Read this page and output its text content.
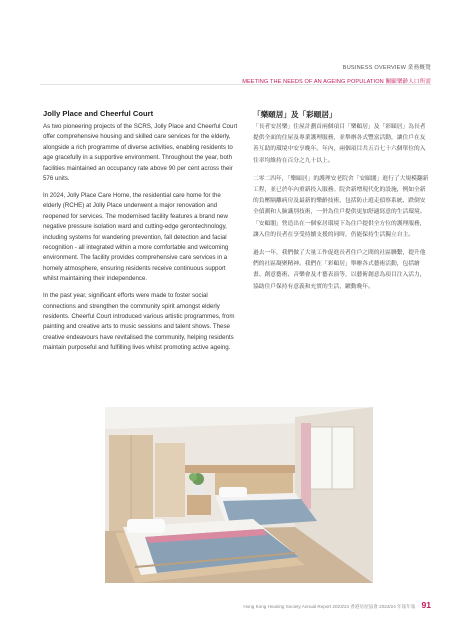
BUSINESS OVERVIEW 業務概覽
MEETING THE NEEDS OF AN AGEING POPULATION 關顧樂齡人口所需
Jolly Place and Cheerful Court

As two pioneering projects of the SCRS, Jolly Place and Cheerful Court offer comprehensive housing and skilled care services for the elderly, alongside a rich programme of diverse activities, enabling residents to age gracefully in a supportive environment. Throughout the year, both facilities maintained an occupancy rate above 90 per cent across their 576 units.

In 2024, Jolly Place Care Home, the residential care home for the elderly (RCHE) at Jolly Place underwent a major renovation and reopened for services. The modernised facility features a brand new negative pressure isolation ward and cutting-edge gerontechnology, including systems for wandering prevention, fall detection and facial recognition - all integrated within a more comfortable and welcoming environment. The facility provides comprehensive care services in a homely atmosphere, ensuring residents receive continuous support whilst maintaining their independence.

In the past year, significant efforts were made to foster social connections and strengthen the community spirit amongst elderly residents. Cheerful Court introduced various artistic programmes, from painting and creative arts to music sessions and talent shows. These creative endeavours have revitalised the community, helping residents maintain purposeful and fulfilling lives whilst promoting active ageing.

「樂頤居」及「彩頤居」

「長者安居樂」住屋計劃首兩個項目「樂頤居」及「彩頤居」為長者提供全面的住屋及專業護理服務，並舉辦各式豐富活動，讓住戶在友善互助的環境中安享晚年。年內，兩個項目共五百七十六個單位的入住率均維持在百分之九十以上。

二零二四年，「樂頤居」的護理安老院舍「安頤閣」進行了大規模翻新工程，並已於年內重新投入服務。院舍新增現代化的設施，例如全新的負壓隔離病房及最新的樂齡技術，包括防止遊走偵察系統、跌倒安全偵測和人臉識別技術，一併為住戶提供更加舒適寫意的生活環境。「安頤閣」營造出在一個家居環境下為住戶提供全方位的護理服務，讓入住的長者在享受持續支援的同時，仍能保持生活獨立自主。

過去一年，我們做了大量工作促進長者住戶之間的社區聯繫，提升他們的社區凝聚精神。我們在「彩頤居」舉辦各式藝術活動，包括繪畫、創意藝術、音樂會及才藝表演等，以藝術創意為項目注入活力，協助住戶保持有意義和充實的生活，躍動晚年。

Hong Kong Housing Society Annual Report 2023/24 香港房屋協會 2023/24 年報年報 91
